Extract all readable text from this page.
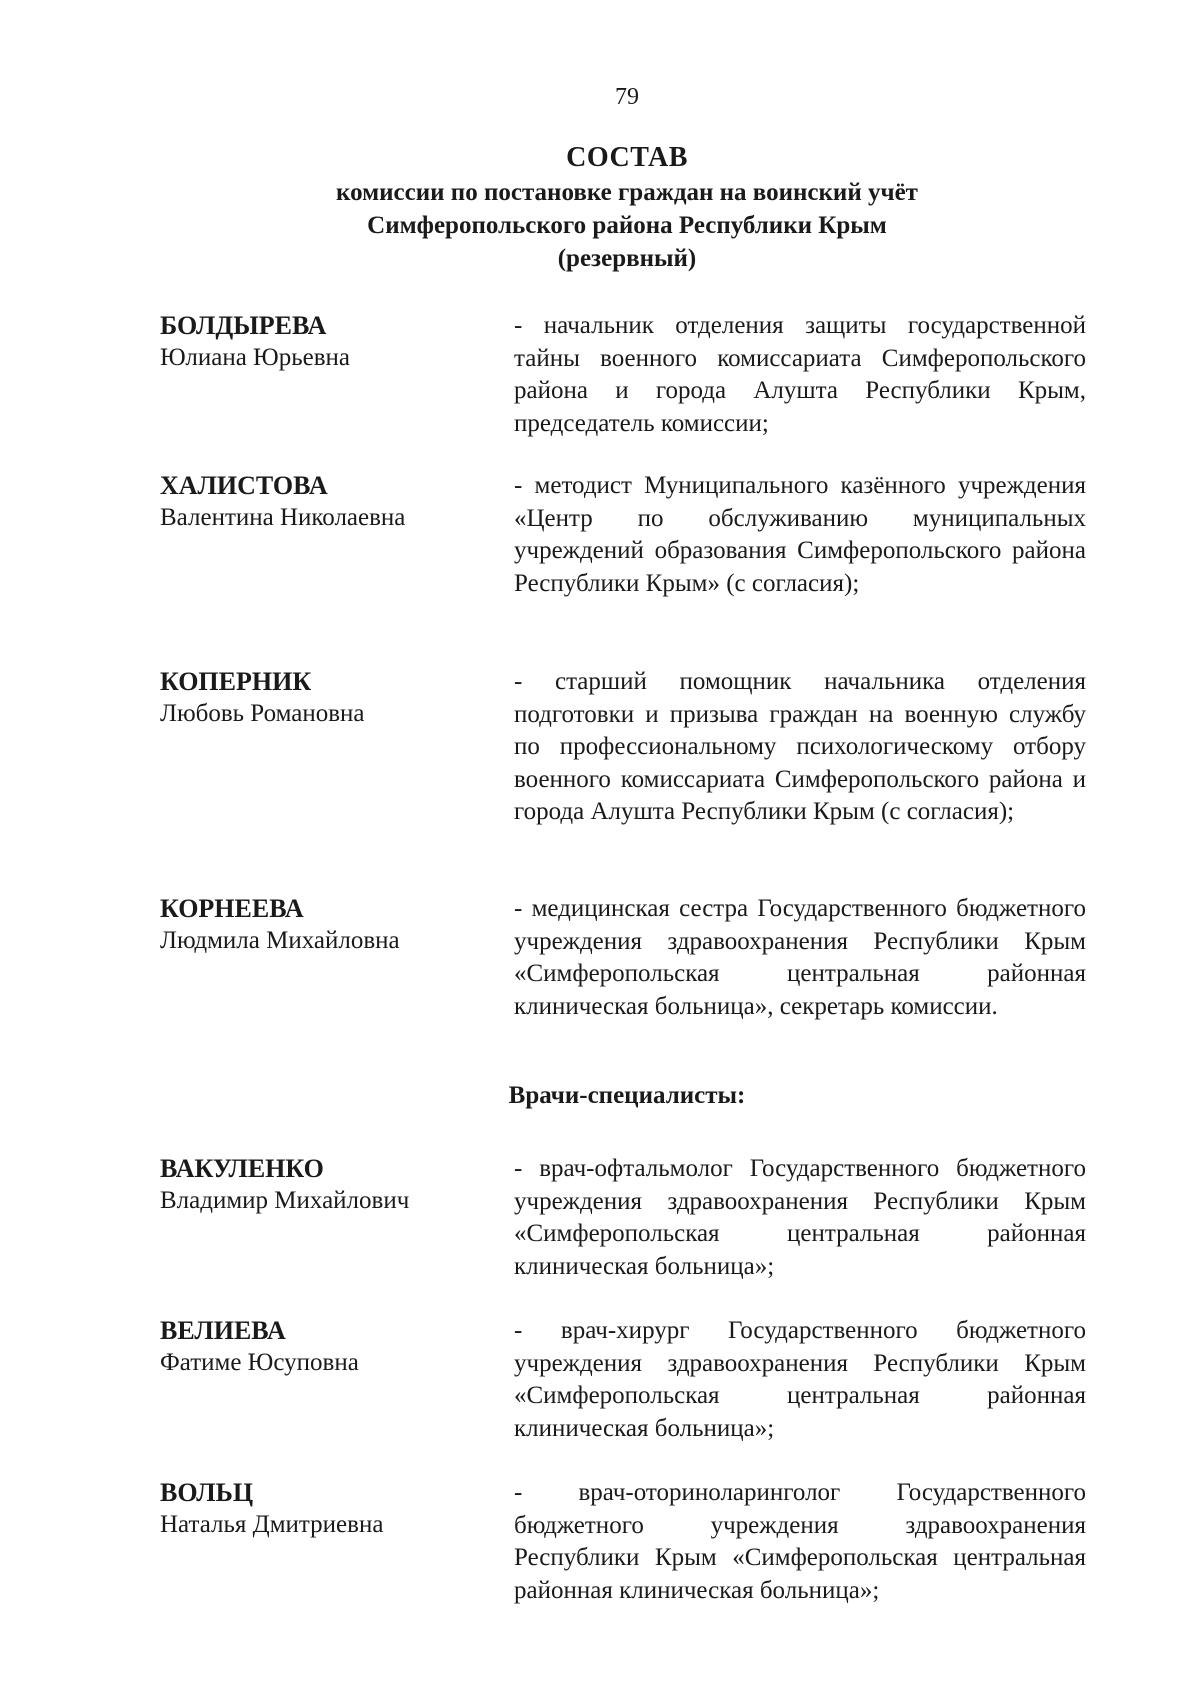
79
СОСТАВ
комиссии по постановке граждан на воинский учёт
Симферопольского района Республики Крым
(резервный)
БОЛДЫРЕВА
Юлиана Юрьевна
- начальник отделения защиты государственной тайны военного комиссариата Симферопольского района и города Алушта Республики Крым, председатель комиссии;
ХАЛИСТОВА
Валентина Николаевна
- методист Муниципального казённого учреждения «Центр по обслуживанию муниципальных учреждений образования Симферопольского района Республики Крым» (с согласия);
КОПЕРНИК
Любовь Романовна
- старший помощник начальника отделения подготовки и призыва граждан на военную службу по профессиональному психологическому отбору военного комиссариата Симферопольского района и города Алушта Республики Крым (с согласия);
КОРНЕЕВА
Людмила Михайловна
- медицинская сестра Государственного бюджетного учреждения здравоохранения Республики Крым «Симферопольская центральная районная клиническая больница», секретарь комиссии.
Врачи-специалисты:
ВАКУЛЕНКО
Владимир Михайлович
- врач-офтальмолог Государственного бюджетного учреждения здравоохранения Республики Крым «Симферопольская центральная районная клиническая больница»;
ВЕЛИЕВА
Фатиме Юсуповна
- врач-хирург Государственного бюджетного учреждения здравоохранения Республики Крым «Симферопольская центральная районная клиническая больница»;
ВОЛЬЦ
Наталья Дмитриевна
- врач-оториноларинголог Государственного бюджетного учреждения здравоохранения Республики Крым «Симферопольская центральная районная клиническая больница»;
